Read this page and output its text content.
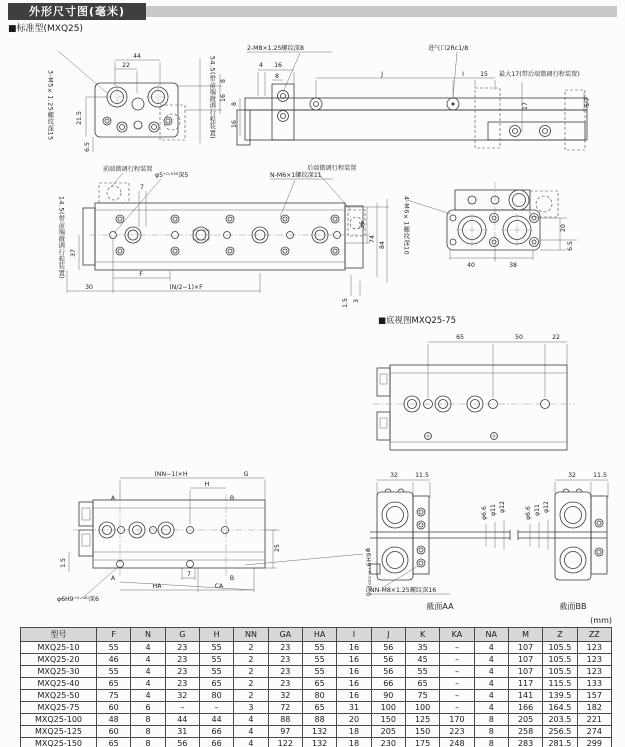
外形尺寸图(毫米)
■标准型(MXQ25)
3-M5×1.25螺纹深15	54.5(带前端微调行程装置)
14.5(带前端微调行程装置)	4-M6×1螺纹深10
φ6H9⁺⁰·⁰³⁰深6
44
22
21.5
6.5
8
16
2-M8×1.25螺纹深8	进气口2Rc1/8
4 16
8
8
16
J	I	15 最大17(带后端微调行程装置)
17	5.7
前端微调行程装置
φ5⁺⁰·⁰³⁰深5	N-M6×1螺纹深11
后端微调行程装置
7
37
F
(N/2−1)×F
30
36
74
84
1.5 3
40	38
20
6.5
■底视图MXQ25-75
65	50	22
(NN−1)×H	G
H
A	B
A	B
7
HA	CA
1.5
25
φ6H9⁺⁰·⁰³⁰深6
32	11.5
φ6.6 φ11 φ12
NN-M8×1.25螺纹深16
截面AA
32	11.5
φ6.6 φ11 φ12
截面BB
(mm)
型号	F	N	G	H	NN	GA	HA	I	J	K	KA	NA	M	Z	ZZ
MXQ25-10	55	4	23	55	2	23	55	16	56	35	–	4	107	105.5	123
MXQ25-20	46	4	23	55	2	23	55	16	56	45	–	4	107	105.5	123
MXQ25-30	55	4	23	55	2	23	55	16	56	55	–	4	107	105.5	123
MXQ25-40	65	4	23	65	2	23	65	16	66	65	–	4	117	115.5	133
MXQ25-50	75	4	32	80	2	32	80	16	90	75	–	4	141	139.5	157
MXQ25-75	60	6	–	–	3	72	65	31	100	100	–	4	166	164.5	182
MXQ25-100	48	8	44	44	4	88	88	20	150	125	170	8	205	203.5	221
MXQ25-125	60	8	31	66	4	97	132	18	205	150	223	8	258	256.5	274
MXQ25-150	65	8	56	66	4	122	132	18	230	175	248	8	283	281.5	299
